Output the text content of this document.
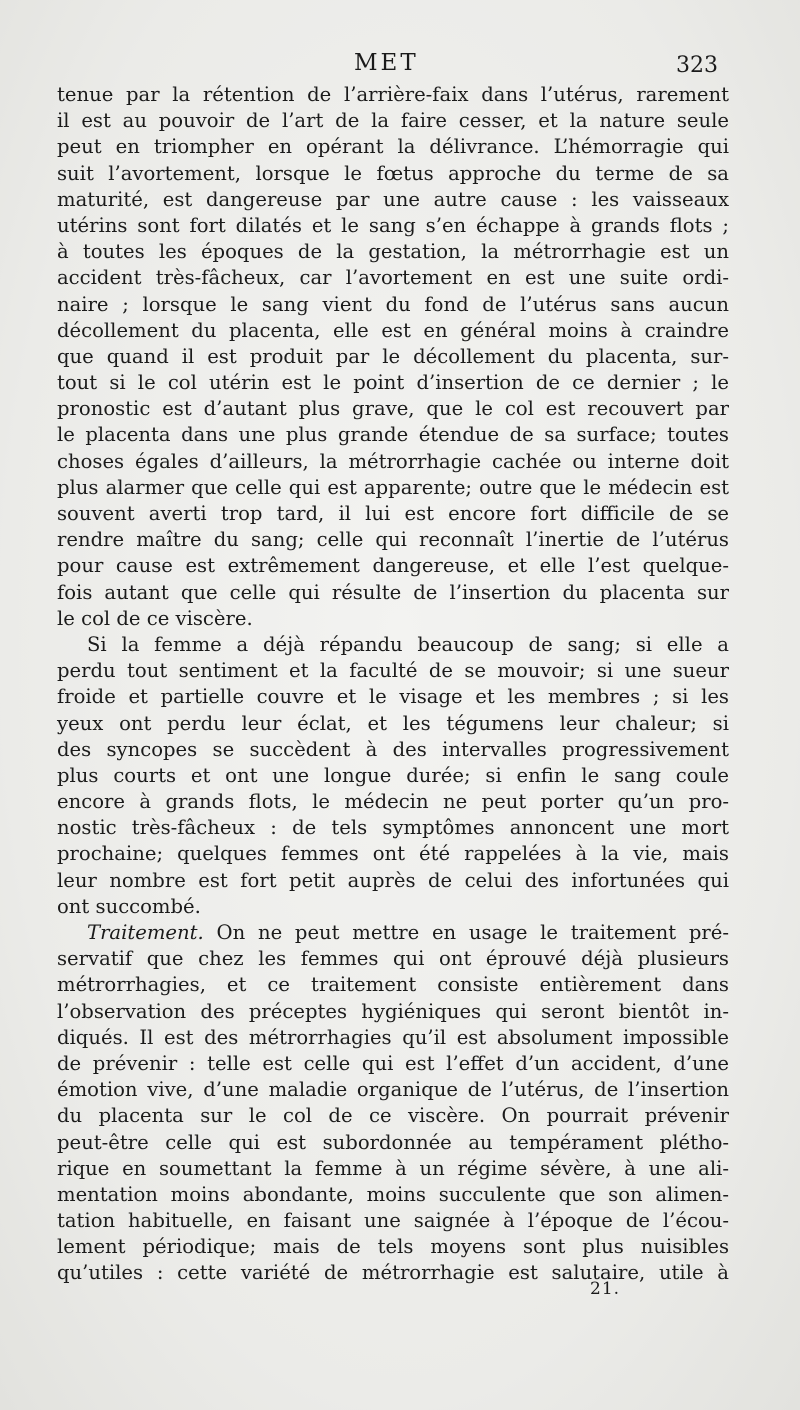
MET	323
tenue par la rétention de l’arrière-faix dans l’utérus, rarement
il est au pouvoir de l’art de la faire cesser, et la nature seule
peut en triompher en opérant la délivrance. L’hémorragie qui
suit l’avortement, lorsque le fœtus approche du terme de sa
maturité, est dangereuse par une autre cause : les vaisseaux
utérins sont fort dilatés et le sang s’en échappe à grands flots ;
à toutes les époques de la gestation, la métrorrhagie est un
accident très-fâcheux, car l’avortement en est une suite ordi-
naire ; lorsque le sang vient du fond de l’utérus sans aucun
décollement du placenta, elle est en général moins à craindre
que quand il est produit par le décollement du placenta, sur-
tout si le col utérin est le point d’insertion de ce dernier ; le
pronostic est d’autant plus grave, que le col est recouvert par
le placenta dans une plus grande étendue de sa surface; toutes
choses égales d’ailleurs, la métrorrhagie cachée ou interne doit
plus alarmer que celle qui est apparente; outre que le médecin est
souvent averti trop tard, il lui est encore fort difficile de se
rendre maître du sang; celle qui reconnaît l’inertie de l’utérus
pour cause est extrêmement dangereuse, et elle l’est quelque-
fois autant que celle qui résulte de l’insertion du placenta sur
le col de ce viscère.
Si la femme a déjà répandu beaucoup de sang; si elle a
perdu tout sentiment et la faculté de se mouvoir; si une sueur
froide et partielle couvre et le visage et les membres ; si les
yeux ont perdu leur éclat, et les tégumens leur chaleur; si
des syncopes se succèdent à des intervalles progressivement
plus courts et ont une longue durée; si enfin le sang coule
encore à grands flots, le médecin ne peut porter qu’un pro-
nostic très-fâcheux : de tels symptômes annoncent une mort
prochaine; quelques femmes ont été rappelées à la vie, mais
leur nombre est fort petit auprès de celui des infortunées qui
ont succombé.
Traitement. On ne peut mettre en usage le traitement pré-
servatif que chez les femmes qui ont éprouvé déjà plusieurs
métrorrhagies, et ce traitement consiste entièrement dans
l’observation des préceptes hygiéniques qui seront bientôt in-
diqués. Il est des métrorrhagies qu’il est absolument impossible
de prévenir : telle est celle qui est l’effet d’un accident, d’une
émotion vive, d’une maladie organique de l’utérus, de l’insertion
du placenta sur le col de ce viscère. On pourrait prévenir
peut-être celle qui est subordonnée au tempérament plétho-
rique en soumettant la femme à un régime sévère, à une ali-
mentation moins abondante, moins succulente que son alimen-
tation habituelle, en faisant une saignée à l’époque de l’écou-
lement périodique; mais de tels moyens sont plus nuisibles
qu’utiles : cette variété de métrorrhagie est salutaire, utile à
21.
